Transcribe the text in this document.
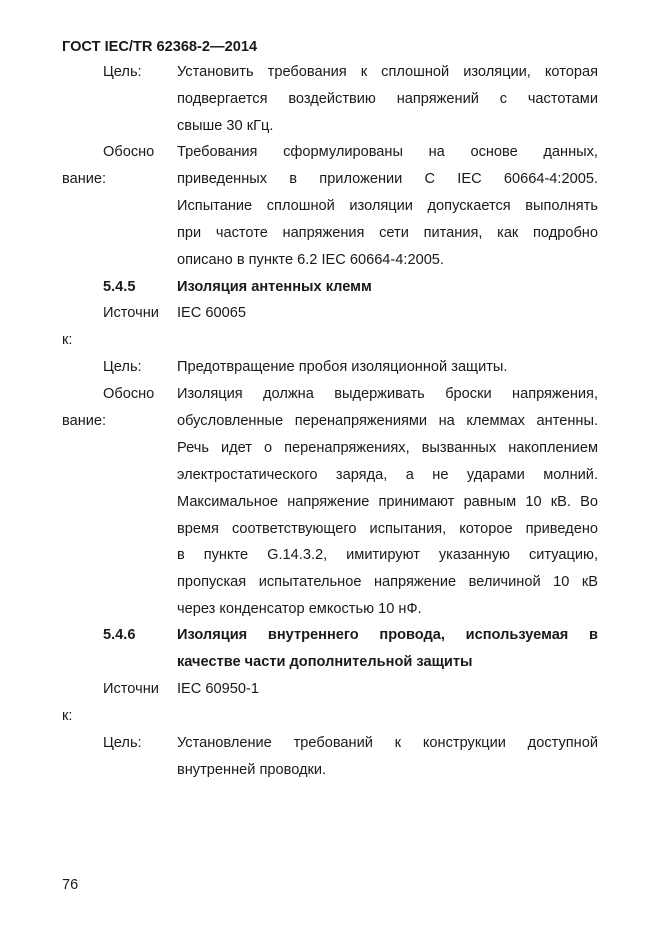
ГОСТ IEC/TR 62368-2—2014
Цель: Установить требования к сплошной изоляции, которая
подвергается воздействию напряжений с частотами
свыше 30 кГц.
Обосно
вание:
Требования сформулированы на основе данных,
приведенных в приложении С IEC 60664-4:2005.
Испытание сплошной изоляции допускается выполнять
при частоте напряжения сети питания, как подробно
описано в пункте 6.2 IEC 60664-4:2005.
5.4.5	Изоляция антенных клемм
Источни
к:
IEC 60065
Цель: Предотвращение пробоя изоляционной защиты.
Обосно
вание:
Изоляция должна выдерживать броски напряжения,
обусловленные перенапряжениями на клеммах антенны.
Речь идет о перенапряжениях, вызванных накоплением
электростатического заряда, а не ударами молний.
Максимальное напряжение принимают равным 10 кВ. Во
время соответствующего испытания, которое приведено
в пункте G.14.3.2, имитируют указанную ситуацию,
пропуская испытательное напряжение величиной 10 кВ
через конденсатор емкостью 10 нФ.
5.4.6	Изоляция внутреннего провода, используемая в
качестве части дополнительной защиты
Источни
к:
IEC 60950-1
Цель: Установление требований к конструкции доступной
внутренней проводки.
76
